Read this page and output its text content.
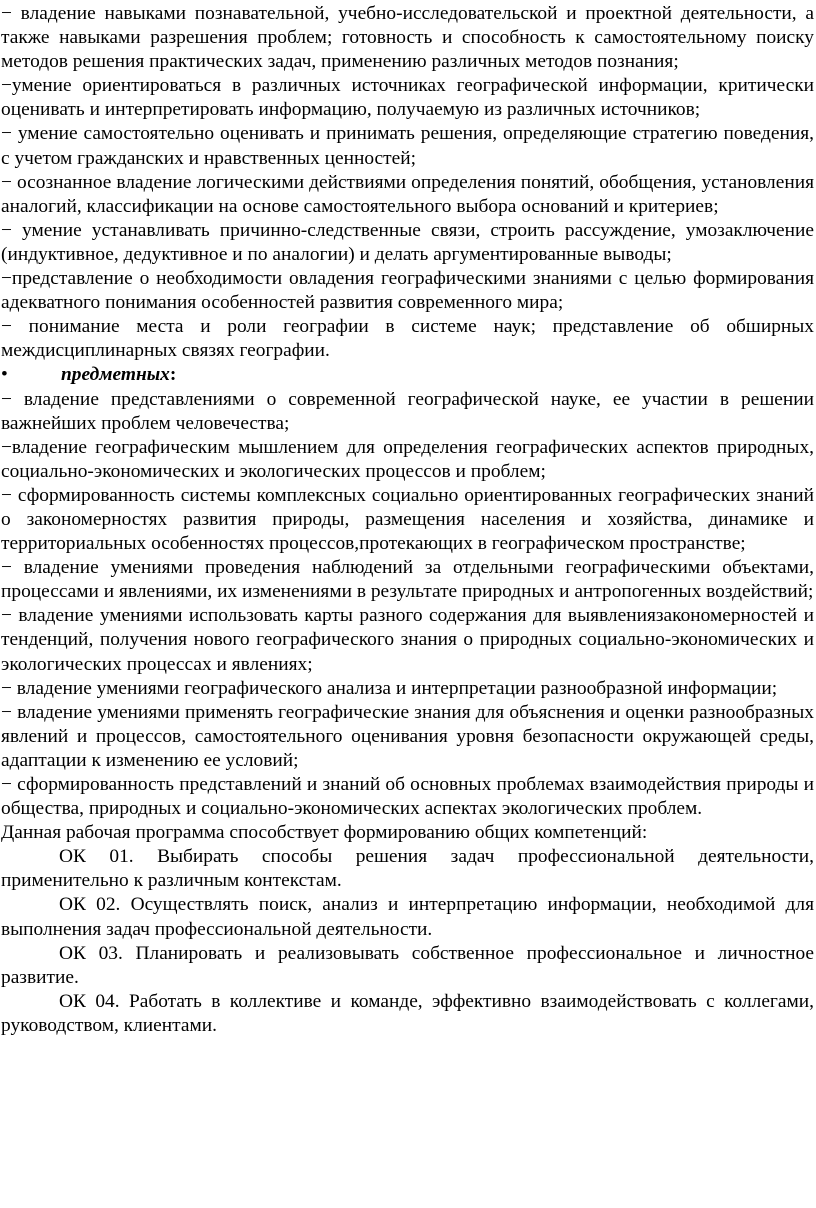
− владение навыками познавательной, учебно-исследовательской и проектной деятельности, а также навыками разрешения проблем; готовность и способность к самостоятельному поиску методов решения практических задач, применению различных методов познания;

−умение ориентироваться в различных источниках географической информации, критически оценивать и интерпретировать информацию, получаемую из различных источников;

− умение самостоятельно оценивать и принимать решения, определяющие стратегию поведения, с учетом гражданских и нравственных ценностей;

− осознанное владение логическими действиями определения понятий, обобщения, установления аналогий, классификации на основе самостоятельного выбора оснований и критериев;

− умение устанавливать причинно-следственные связи, строить рассуждение, умозаключение (индуктивное, дедуктивное и по аналогии) и делать аргументированные выводы;

−представление о необходимости овладения географическими знаниями с целью формирования адекватного понимания особенностей развития современного мира;

− понимание места и роли географии в системе наук; представление об обширных междисциплинарных связях географии.

•	предметных :

− владение представлениями о современной географической науке, ее участии в решении важнейших проблем человечества;

−владение географическим мышлением для определения географических аспектов природных, социально-экономических и экологических процессов и проблем;

− сформированность системы комплексных социально ориентированных географических знаний о закономерностях развития природы, размещения населения и хозяйства, динамике и территориальных особенностях процессов,протекающих в географическом пространстве;

− владение умениями проведения наблюдений за отдельными географическими объектами, процессами и явлениями, их изменениями в результате природных и антропогенных воздействий;

− владение умениями использовать карты разного содержания для выявлениязакономерностей и тенденций, получения нового географического знания о природных социально-экономических и экологических процессах и явлениях;

− владение умениями географического анализа и интерпретации разнообразной информации;

− владение умениями применять географические знания для объяснения и оценки разнообразных явлений и процессов, самостоятельного оценивания уровня безопасности окружающей среды, адаптации к изменению ее условий;

− сформированность представлений и знаний об основных проблемах взаимодействия природы и общества, природных и социально-экономических аспектах экологических проблем.

Данная рабочая программа способствует формированию общих компетенций:

ОК 01. Выбирать способы решения задач профессиональной деятельности, применительно к различным контекстам.

ОК 02. Осуществлять поиск, анализ и интерпретацию информации, необходимой для выполнения задач профессиональной деятельности.

ОК 03. Планировать и реализовывать собственное профессиональное и личностное развитие.

ОК 04. Работать в коллективе и команде, эффективно взаимодействовать с коллегами, руководством, клиентами.
